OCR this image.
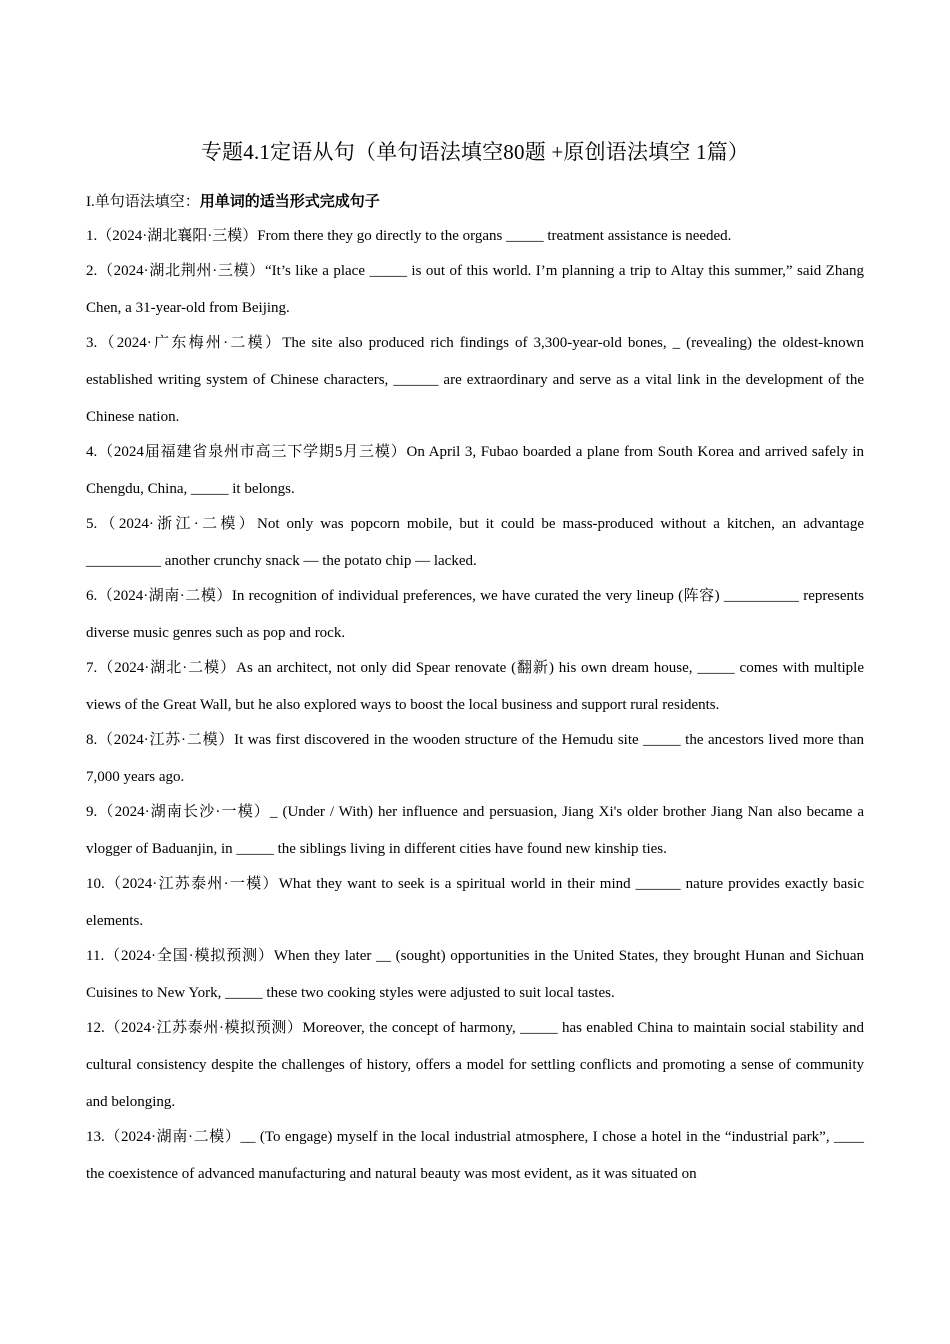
专题4.1定语从句（单句语法填空80题 +原创语法填空 1篇）
I.单句语法填空：用单词的适当形式完成句子

1.（2024·湖北襄阳·三模）From there they go directly to the organs _____ treatment assistance is needed.

2.（2024·湖北荆州·三模）“It’s like a place _____ is out of this world. I’m planning a trip to Altay this summer,” said Zhang Chen, a 31-year-old from Beijing.

3.（2024·广东梅州·二模）The site also produced rich findings of 3,300-year-old bones, _ (revealing) the oldest-known established writing system of Chinese characters, ______ are extraordinary and serve as a vital link in the development of the Chinese nation.

4.（2024届福建省泉州市高三下学期5月三模）On April 3, Fubao boarded a plane from South Korea and arrived safely in Chengdu, China, _____ it belongs.

5.（2024·浙江·二模）Not only was popcorn mobile, but it could be mass-produced without a kitchen, an advantage __________ another crunchy snack — the potato chip — lacked.

6.（2024·湖南·二模）In recognition of individual preferences, we have curated the very lineup (阵容) __________ represents diverse music genres such as pop and rock.

7.（2024·湖北·二模）As an architect, not only did Spear renovate (翻新) his own dream house, _____ comes with multiple views of the Great Wall, but he also explored ways to boost the local business and support rural residents.

8.（2024·江苏·二模）It was first discovered in the wooden structure of the Hemudu site _____ the ancestors lived more than 7,000 years ago.

9.（2024·湖南长沙·一模）_ (Under / With) her influence and persuasion, Jiang Xi's older brother Jiang Nan also became a vlogger of Baduanjin, in _____ the siblings living in different cities have found new kinship ties.

10.（2024·江苏泰州·一模）What they want to seek is a spiritual world in their mind ______ nature provides exactly basic elements.

11.（2024·全国·模拟预测）When they later __ (sought) opportunities in the United States, they brought Hunan and Sichuan Cuisines to New York, _____ these two cooking styles were adjusted to suit local tastes.

12.（2024·江苏泰州·模拟预测）Moreover, the concept of harmony, _____ has enabled China to maintain social stability and cultural consistency despite the challenges of history, offers a model for settling conflicts and promoting a sense of community and belonging.

13.（2024·湖南·二模）__ (To engage) myself in the local industrial atmosphere, I chose a hotel in the “industrial park”, ____ the coexistence of advanced manufacturing and natural beauty was most evident, as it was situated on
